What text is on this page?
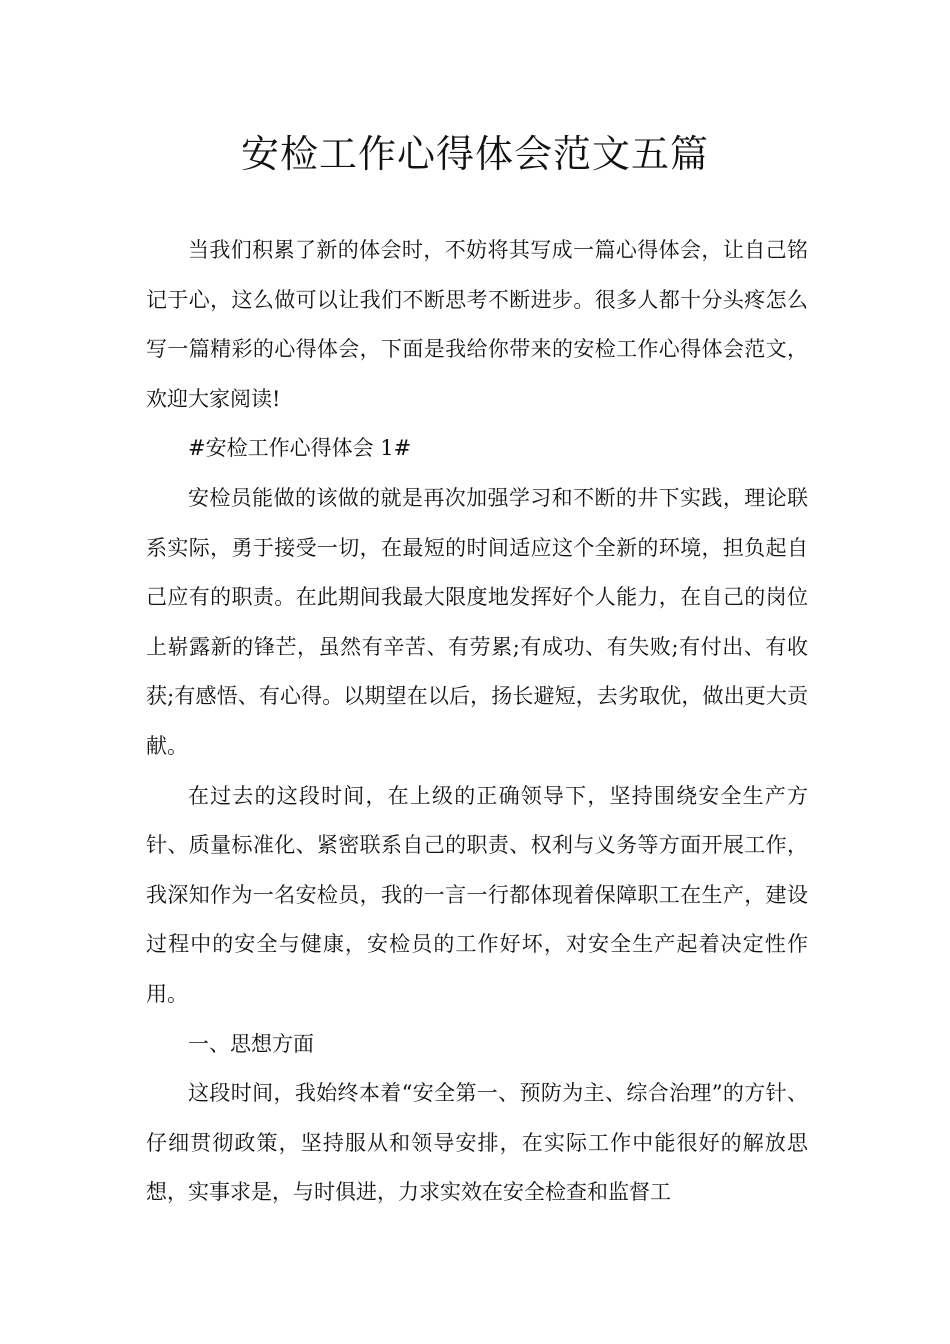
安检工作心得体会范文五篇

当我们积累了新的体会时，不妨将其写成一篇心得体会，让自己铭记于心，这么做可以让我们不断思考不断进步。很多人都十分头疼怎么写一篇精彩的心得体会，下面是我给你带来的安检工作心得体会范文，欢迎大家阅读!

#安检工作心得体会 1#

安检员能做的该做的就是再次加强学习和不断的井下实践，理论联系实际，勇于接受一切，在最短的时间适应这个全新的环境，担负起自己应有的职责。在此期间我最大限度地发挥好个人能力，在自己的岗位上崭露新的锋芒，虽然有辛苦、有劳累;有成功、有失败;有付出、有收获;有感悟、有心得。以期望在以后，扬长避短，去劣取优，做出更大贡献。

在过去的这段时间，在上级的正确领导下，坚持围绕安全生产方针、质量标准化、紧密联系自己的职责、权利与义务等方面开展工作，我深知作为一名安检员，我的一言一行都体现着保障职工在生产，建设过程中的安全与健康，安检员的工作好坏，对安全生产起着决定性作用。

一、思想方面

这段时间，我始终本着“安全第一、预防为主、综合治理”的方针、仔细贯彻政策，坚持服从和领导安排，在实际工作中能很好的解放思想，实事求是，与时俱进，力求实效在安全检查和监督工
